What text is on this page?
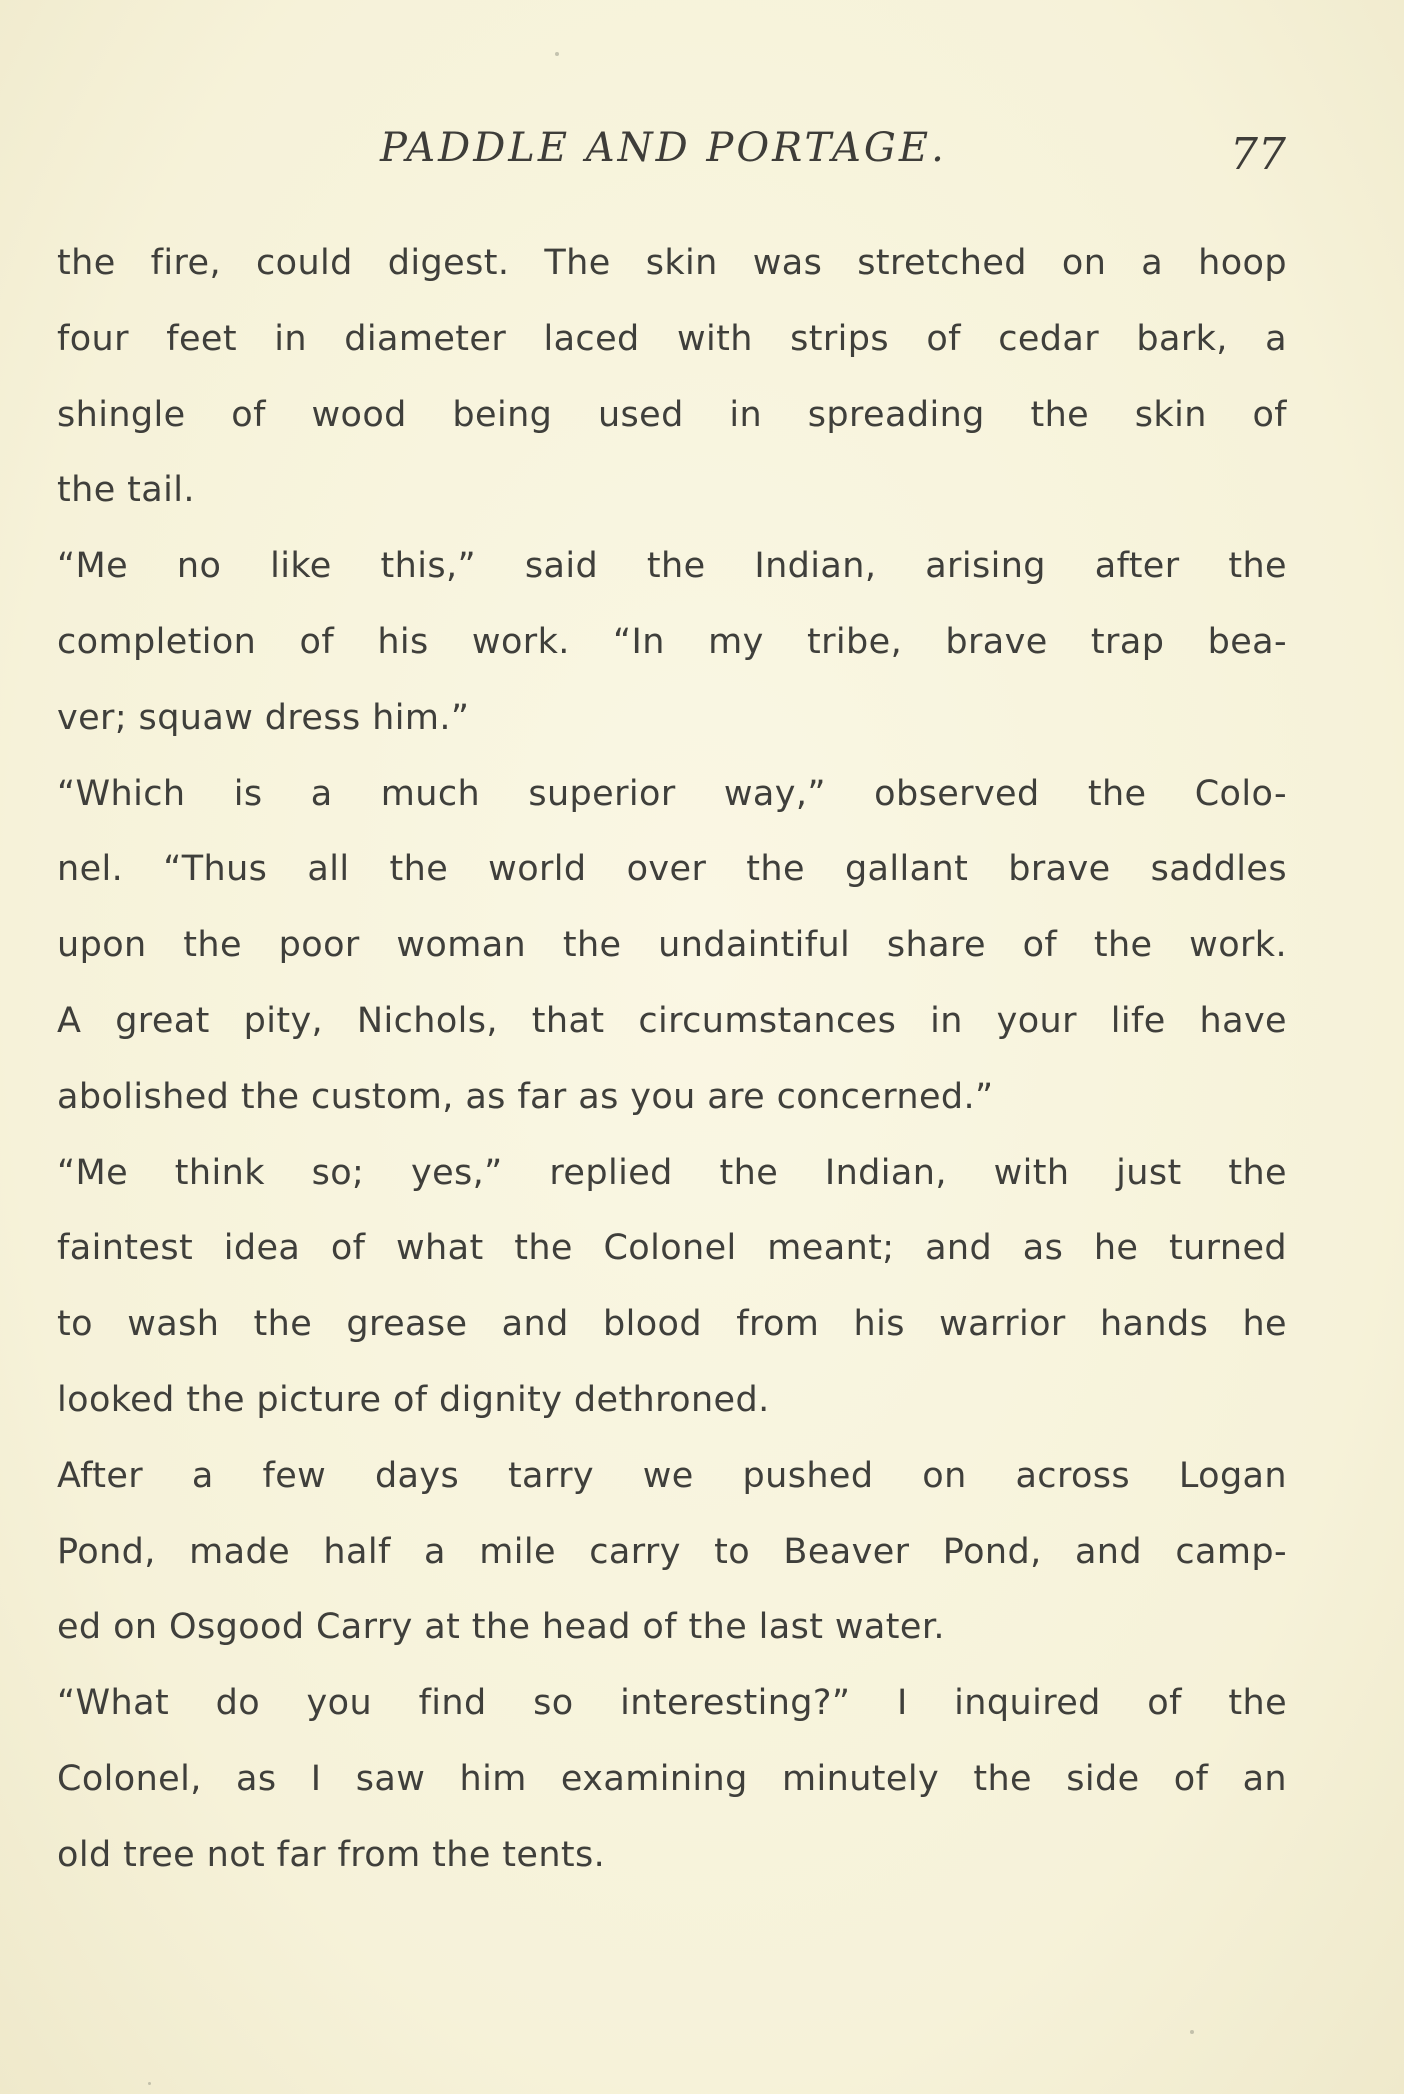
PADDLE AND PORTAGE.	77
the fire, could digest. The skin was stretched on a hoop
four feet in diameter laced with strips of cedar bark, a
shingle of wood being used in spreading the skin of
the tail.
“Me no like this,” said the Indian, arising after the
completion of his work. “In my tribe, brave trap bea-
ver; squaw dress him.”
“Which is a much superior way,” observed the Colo-
nel. “Thus all the world over the gallant brave saddles
upon the poor woman the undaintiful share of the work.
A great pity, Nichols, that circumstances in your life have
abolished the custom, as far as you are concerned.”
“Me think so; yes,” replied the Indian, with just the
faintest idea of what the Colonel meant; and as he turned
to wash the grease and blood from his warrior hands he
looked the picture of dignity dethroned.
After a few days tarry we pushed on across Logan
Pond, made half a mile carry to Beaver Pond, and camp-
ed on Osgood Carry at the head of the last water.
“What do you find so interesting?” I inquired of the
Colonel, as I saw him examining minutely the side of an
old tree not far from the tents.
